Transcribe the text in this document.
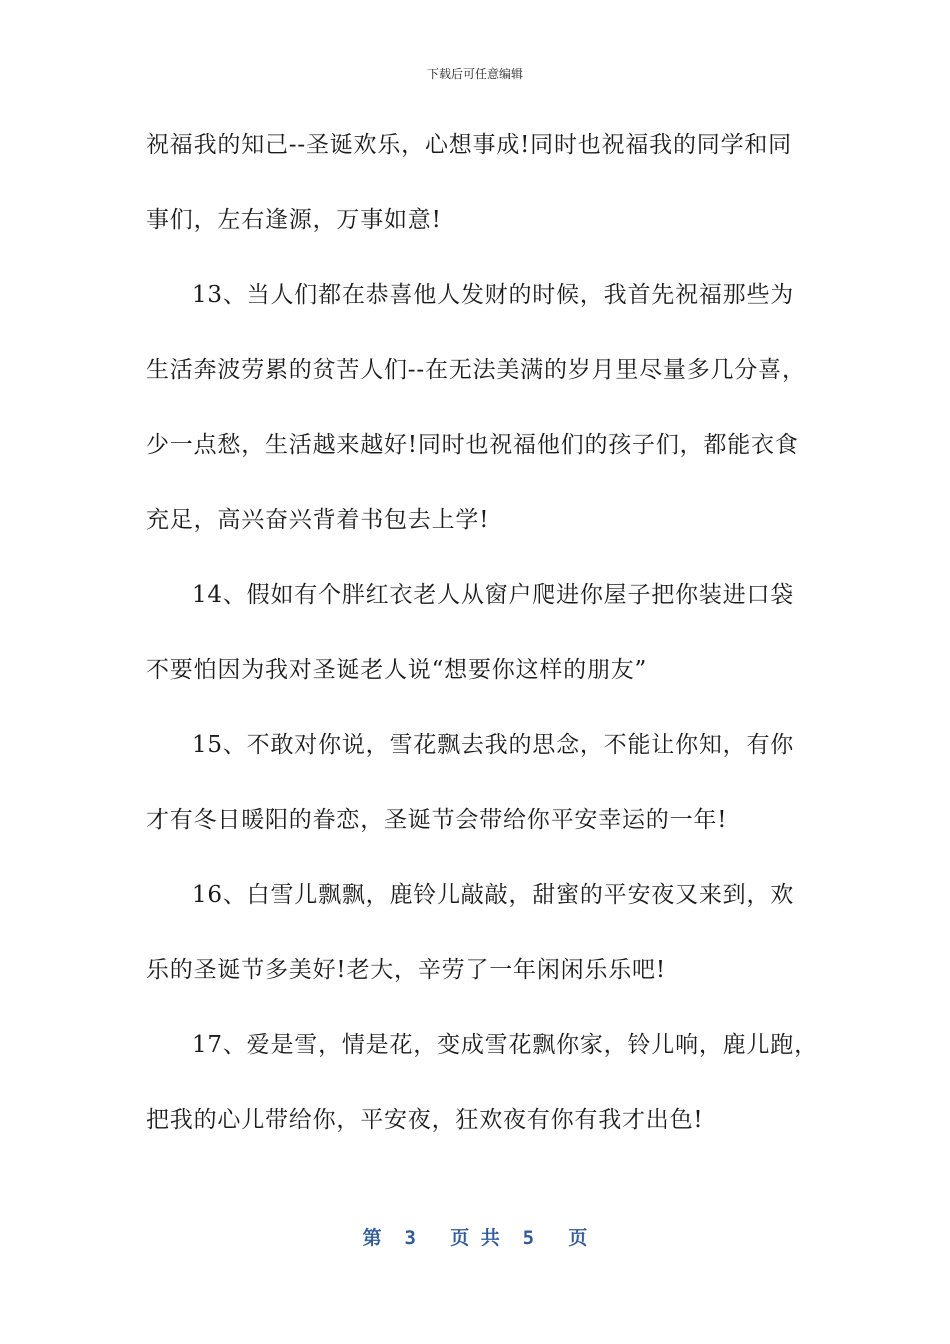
下载后可任意编辑
祝福我的知己--圣诞欢乐，心想事成!同时也祝福我的同学和同
事们，左右逢源，万事如意!
13、当人们都在恭喜他人发财的时候，我首先祝福那些为
生活奔波劳累的贫苦人们--在无法美满的岁月里尽量多几分喜，
少一点愁，生活越来越好!同时也祝福他们的孩子们，都能衣食
充足，高兴奋兴背着书包去上学!
14、假如有个胖红衣老人从窗户爬进你屋子把你装进口袋
不要怕因为我对圣诞老人说“想要你这样的朋友”
15、不敢对你说，雪花飘去我的思念，不能让你知，有你
才有冬日暖阳的眷恋，圣诞节会带给你平安幸运的一年!
16、白雪儿飘飘，鹿铃儿敲敲，甜蜜的平安夜又来到，欢
乐的圣诞节多美好!老大，辛劳了一年闲闲乐乐吧!
17、爱是雪，情是花，变成雪花飘你家，铃儿响，鹿儿跑，
把我的心儿带给你，平安夜，狂欢夜有你有我才出色!
第  3   页 共  5   页
